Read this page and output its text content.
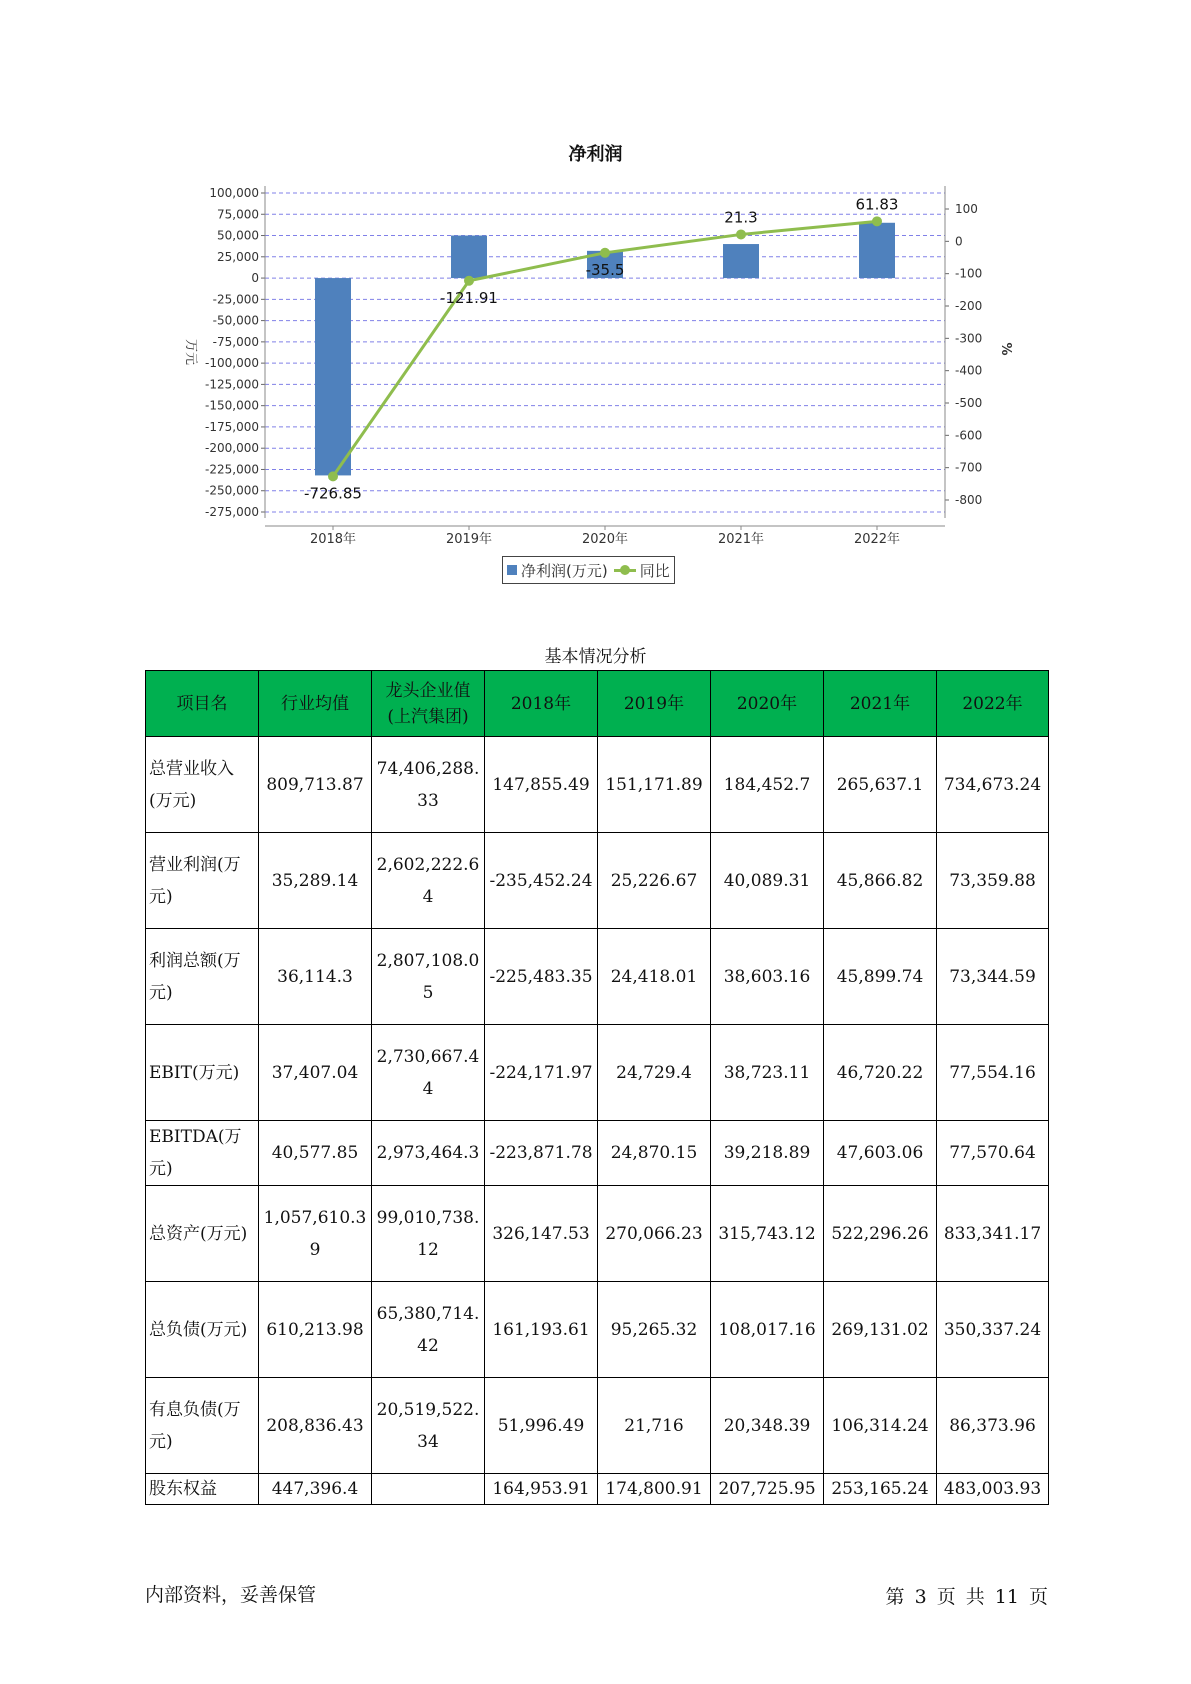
净利润
100,000
75,000
50,000
25,000
0
-25,000
-50,000
-75,000
-100,000
-125,000
-150,000
-175,000
-200,000
-225,000
-250,000
-275,000
100
0
-100
-200
-300
-400
-500
-600
-700
-800
万元	%
2018年	2019年	2020年	2021年	2022年
-726.85
-121.91
-35.5
21.3
61.83
净利润(万元) 同比
基本情况分析
项目名	行业均值	龙头企业值(上汽集团)	2018年	2019年	2020年	2021年	2022年
总营业收入(万元)	809,713.87	74,406,288.33	147,855.49	151,171.89	184,452.7	265,637.1	734,673.24
营业利润(万元)	35,289.14	2,602,222.64	-235,452.24	25,226.67	40,089.31	45,866.82	73,359.88
利润总额(万元)	36,114.3	2,807,108.05	-225,483.35	24,418.01	38,603.16	45,899.74	73,344.59
EBIT(万元)	37,407.04	2,730,667.44	-224,171.97	24,729.4	38,723.11	46,720.22	77,554.16
EBITDA(万元)	40,577.85	2,973,464.3	-223,871.78	24,870.15	39,218.89	47,603.06	77,570.64
总资产(万元)	1,057,610.39	99,010,738.12	326,147.53	270,066.23	315,743.12	522,296.26	833,341.17
总负债(万元)	610,213.98	65,380,714.42	161,193.61	95,265.32	108,017.16	269,131.02	350,337.24
有息负债(万元)	208,836.43	20,519,522.34	51,996.49	21,716	20,348.39	106,314.24	86,373.96
股东权益	447,396.4		164,953.91	174,800.91	207,725.95	253,165.24	483,003.93
内部资料，妥善保管	第 3 页 共 11 页
